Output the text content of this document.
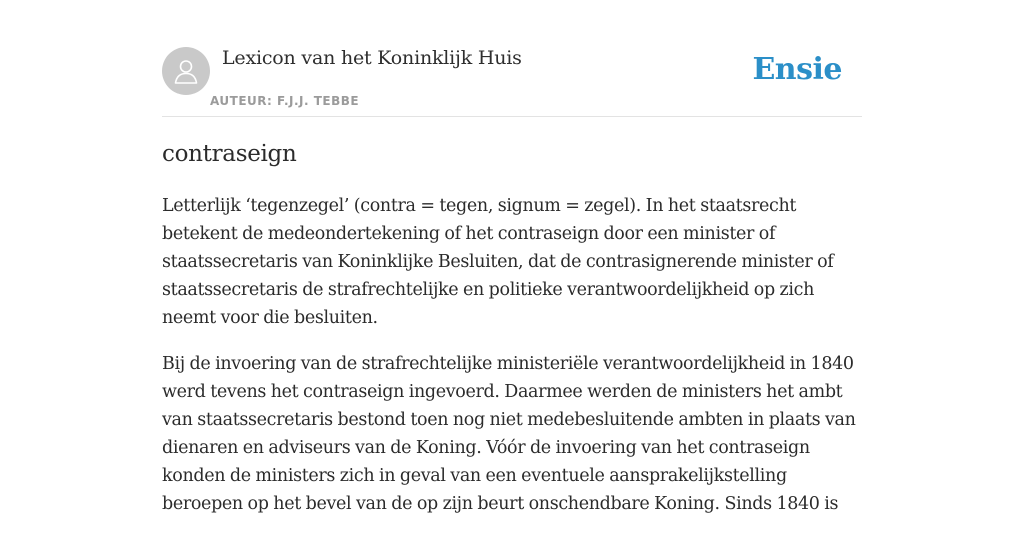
Lexicon van het Koninklijk Huis
AUTEUR: F.J.J. TEBBE
Ensie
contraseign

Letterlijk ‘tegenzegel’ (contra = tegen, signum = zegel). In het staatsrecht betekent de medeondertekening of het contraseign door een minister of staatssecretaris van Koninklijke Besluiten, dat de contrasignerende minister of staatssecretaris de strafrechtelijke en politieke verantwoordelijkheid op zich neemt voor die besluiten.

Bij de invoering van de strafrechtelijke ministeriële verantwoordelijkheid in 1840 werd tevens het contraseign ingevoerd. Daarmee werden de ministers het ambt van staatssecretaris bestond toen nog niet medebesluitende ambten in plaats van dienaren en adviseurs van de Koning. Vóór de invoering van het contraseign konden de ministers zich in geval van een eventuele aansprakelijkstelling beroepen op het bevel van de op zijn beurt onschendbare Koning. Sinds 1840 is
